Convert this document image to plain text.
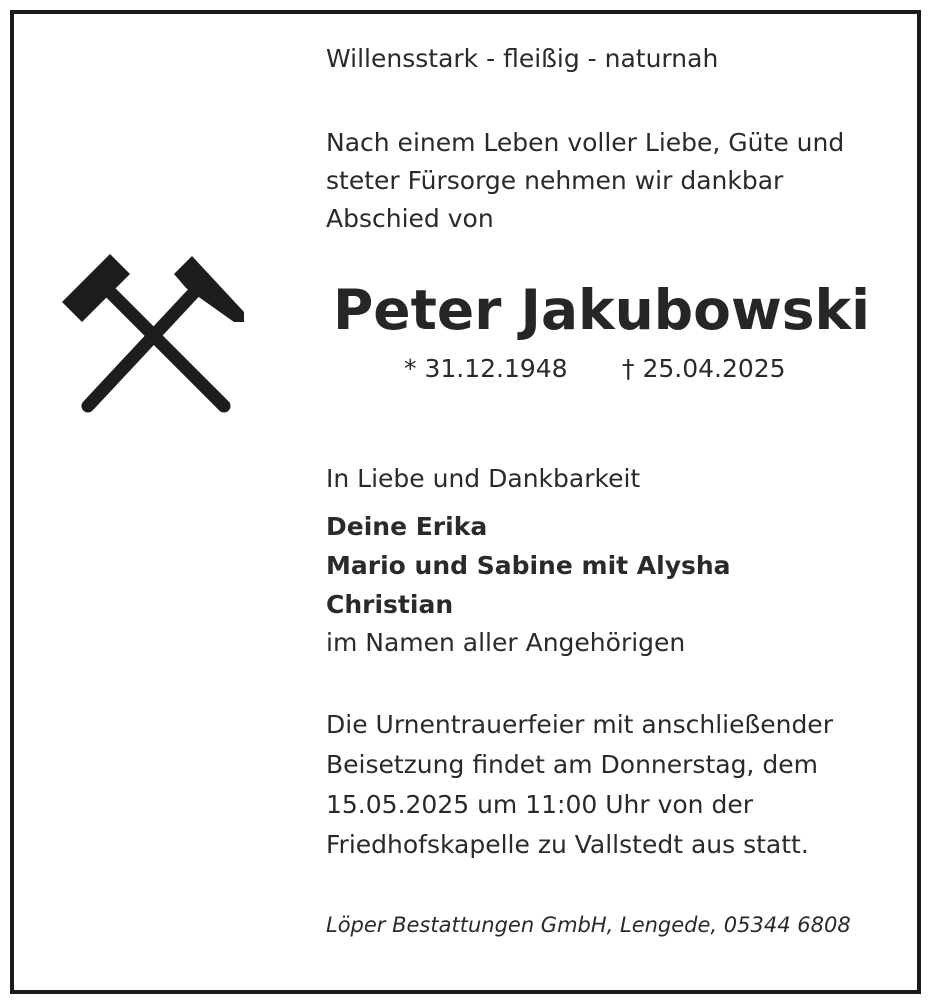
Willensstark - fleißig - naturnah

Nach einem Leben voller Liebe, Güte und

steter Fürsorge nehmen wir dankbar

Abschied von

Peter Jakubowski
* 31.12.1948 † 25.04.2025

In Liebe und Dankbarkeit

Deine Erika

Mario und Sabine mit Alysha

Christian

im Namen aller Angehörigen

Die Urnentrauerfeier mit anschließender

Beisetzung findet am Donnerstag, dem

15.05.2025 um 11:00 Uhr von der

Friedhofskapelle zu Vallstedt aus statt.

Löper Bestattungen GmbH, Lengede, 05344 6808
